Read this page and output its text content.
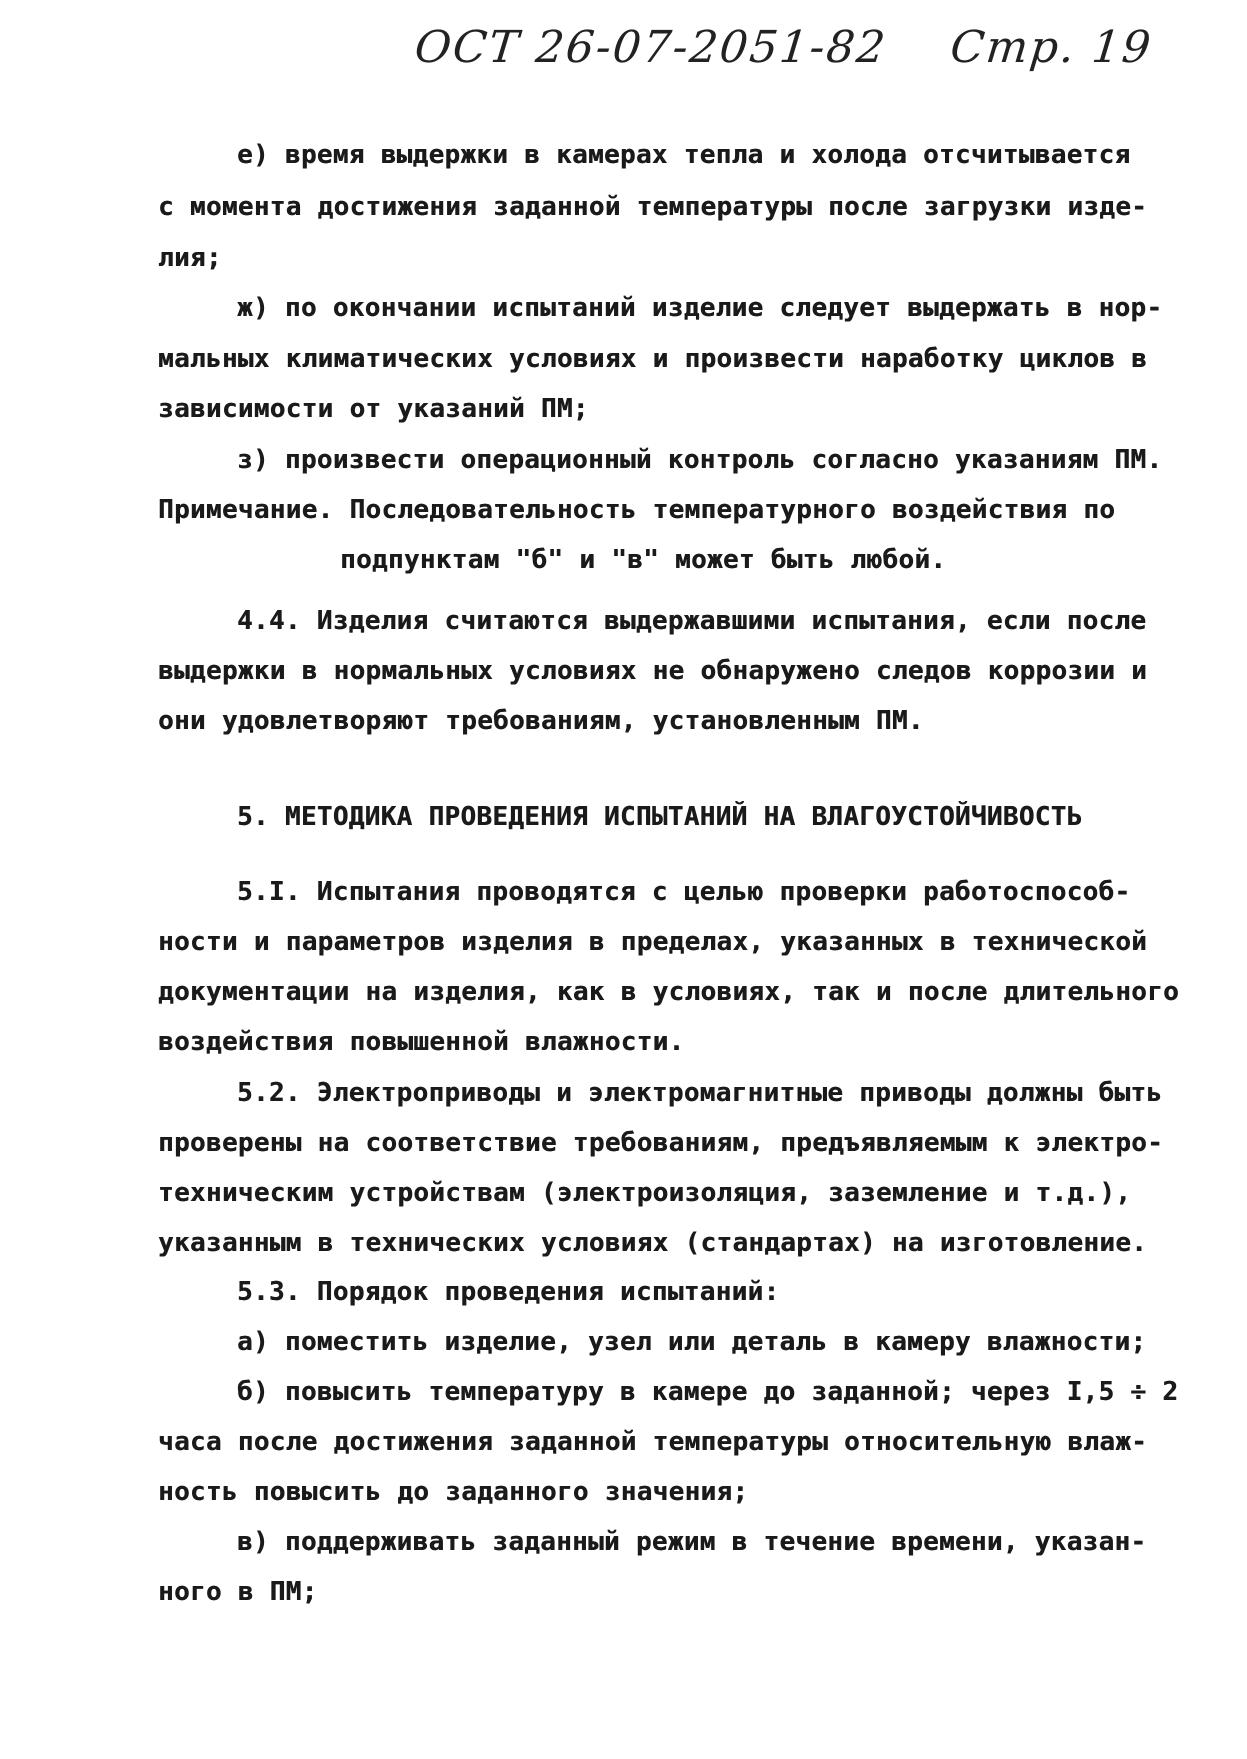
ОСТ 26-07-2051-82 Стр. 19
е) время выдержки в камерах тепла и холода отсчитывается
с момента достижения заданной температуры после загрузки изде-
лия;
ж) по окончании испытаний изделие следует выдержать в нор-
мальных климатических условиях и произвести наработку циклов в
зависимости от указаний ПМ;
з) произвести операционный контроль согласно указаниям ПМ.
Примечание. Последовательность температурного воздействия по
подпунктам "б" и "в" может быть любой.
4.4. Изделия считаются выдержавшими испытания, если после
выдержки в нормальных условиях не обнаружено следов коррозии и
они удовлетворяют требованиям, установленным ПМ.
5. МЕТОДИКА ПРОВЕДЕНИЯ ИСПЫТАНИЙ НА ВЛАГОУСТОЙЧИВОСТЬ
5.I. Испытания проводятся с целью проверки работоспособ-
ности и параметров изделия в пределах, указанных в технической
документации на изделия, как в условиях, так и после длительного
воздействия повышенной влажности.
5.2. Электроприводы и электромагнитные приводы должны быть
проверены на соответствие требованиям, предъявляемым к электро-
техническим устройствам (электроизоляция, заземление и т.д.),
указанным в технических условиях (стандартах) на изготовление.
5.3. Порядок проведения испытаний:
а) поместить изделие, узел или деталь в камеру влажности;
б) повысить температуру в камере до заданной; через I,5 ÷ 2
часа после достижения заданной температуры относительную влаж-
ность повысить до заданного значения;
в) поддерживать заданный режим в течение времени, указан-
ного в ПМ;
